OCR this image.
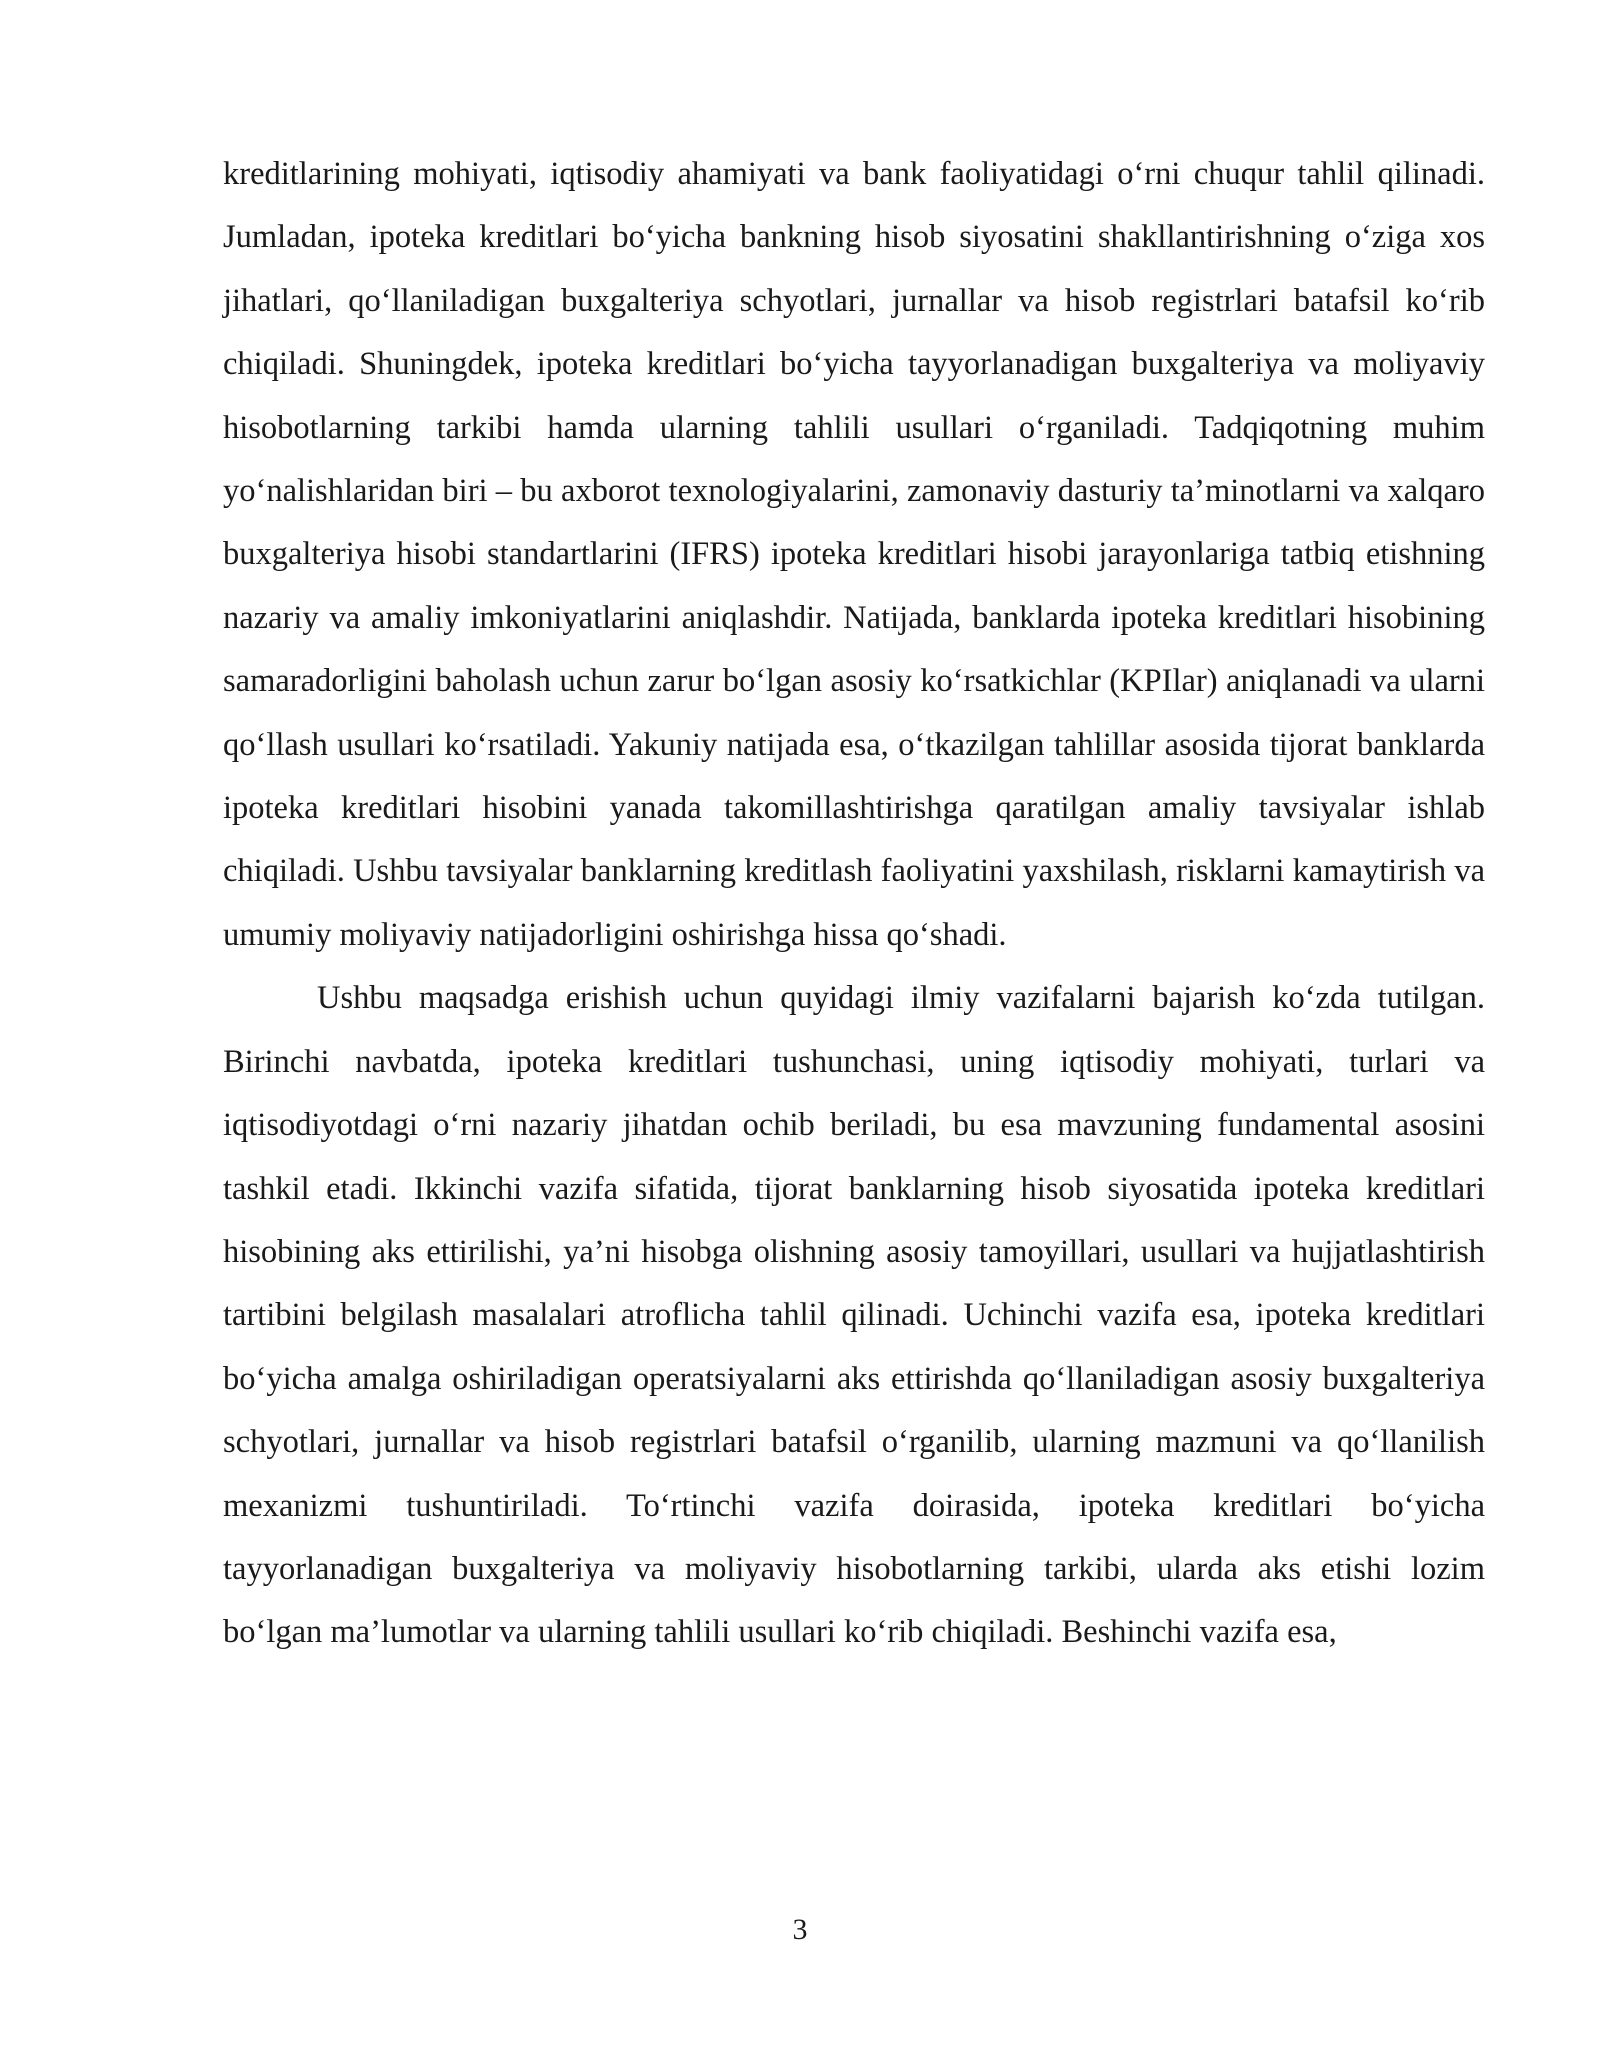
kreditlarining mohiyati, iqtisodiy ahamiyati va bank faoliyatidagi o‘rni chuqur tahlil qilinadi. Jumladan, ipoteka kreditlari bo‘yicha bankning hisob siyosatini shakllantirishning o‘ziga xos jihatlari, qo‘llaniladigan buxgalteriya schyotlari, jurnallar va hisob registrlari batafsil ko‘rib chiqiladi. Shuningdek, ipoteka kreditlari bo‘yicha tayyorlanadigan buxgalteriya va moliyaviy hisobotlarning tarkibi hamda ularning tahlili usullari o‘rganiladi. Tadqiqotning muhim yo‘nalishlaridan biri – bu axborot texnologiyalarini, zamonaviy dasturiy ta’minotlarni va xalqaro buxgalteriya hisobi standartlarini (IFRS) ipoteka kreditlari hisobi jarayonlariga tatbiq etishning nazariy va amaliy imkoniyatlarini aniqlashdir. Natijada, banklarda ipoteka kreditlari hisobining samaradorligini baholash uchun zarur bo‘lgan asosiy ko‘rsatkichlar (KPIlar) aniqlanadi va ularni qo‘llash usullari ko‘rsatiladi. Yakuniy natijada esa, o‘tkazilgan tahlillar asosida tijorat banklarda ipoteka kreditlari hisobini yanada takomillashtirishga qaratilgan amaliy tavsiyalar ishlab chiqiladi. Ushbu tavsiyalar banklarning kreditlash faoliyatini yaxshilash, risklarni kamaytirish va umumiy moliyaviy natijadorligini oshirishga hissa qo‘shadi.

Ushbu maqsadga erishish uchun quyidagi ilmiy vazifalarni bajarish ko‘zda tutilgan. Birinchi navbatda, ipoteka kreditlari tushunchasi, uning iqtisodiy mohiyati, turlari va iqtisodiyotdagi o‘rni nazariy jihatdan ochib beriladi, bu esa mavzuning fundamental asosini tashkil etadi. Ikkinchi vazifa sifatida, tijorat banklarning hisob siyosatida ipoteka kreditlari hisobining aks ettirilishi, ya’ni hisobga olishning asosiy tamoyillari, usullari va hujjatlashtirish tartibini belgilash masalalari atroflicha tahlil qilinadi. Uchinchi vazifa esa, ipoteka kreditlari bo‘yicha amalga oshiriladigan operatsiyalarni aks ettirishda qo‘llaniladigan asosiy buxgalteriya schyotlari, jurnallar va hisob registrlari batafsil o‘rganilib, ularning mazmuni va qo‘llanilish mexanizmi tushuntiriladi. To‘rtinchi vazifa doirasida, ipoteka kreditlari bo‘yicha tayyorlanadigan buxgalteriya va moliyaviy hisobotlarning tarkibi, ularda aks etishi lozim bo‘lgan ma’lumotlar va ularning tahlili usullari ko‘rib chiqiladi. Beshinchi vazifa esa,

3
